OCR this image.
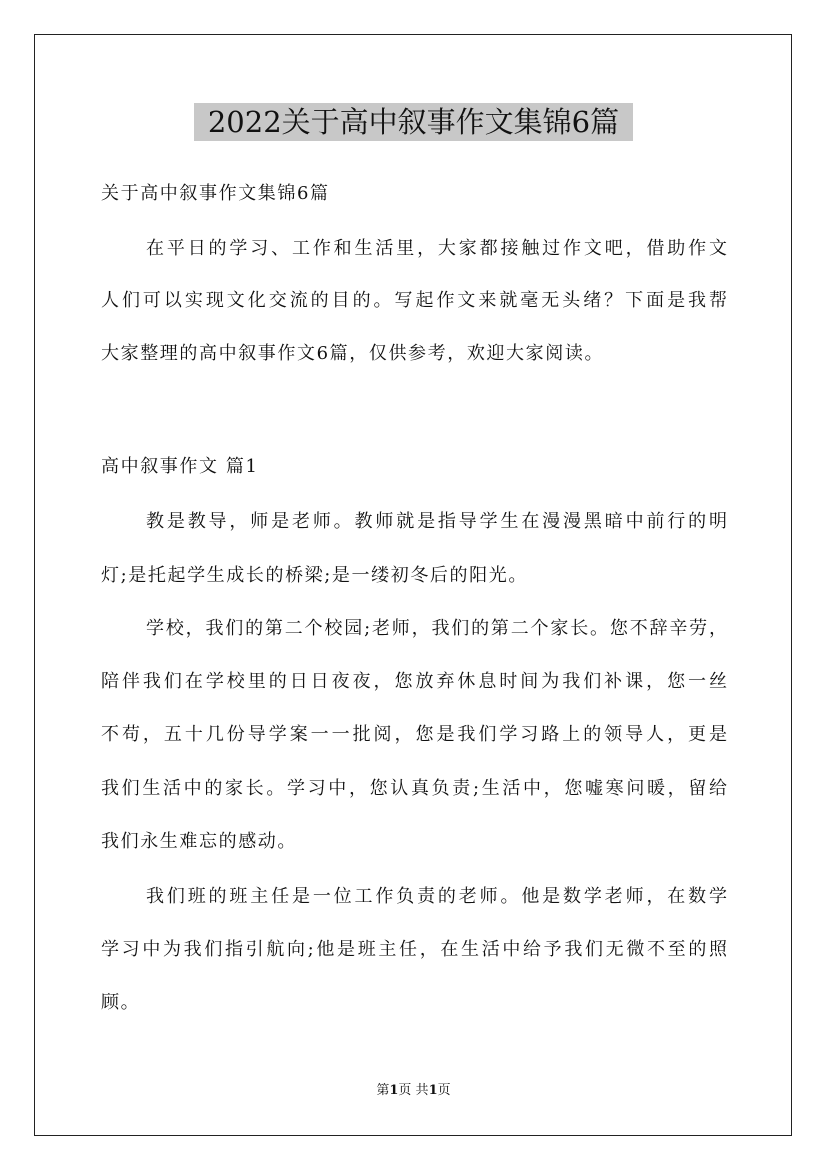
2022关于高中叙事作文集锦6篇
关于高中叙事作文集锦6篇
在平日的学习、工作和生活里，大家都接触过作文吧，借助作文
人们可以实现文化交流的目的。写起作文来就毫无头绪？下面是我帮
大家整理的高中叙事作文6篇，仅供参考，欢迎大家阅读。
高中叙事作文 篇1
教是教导，师是老师。教师就是指导学生在漫漫黑暗中前行的明
灯;是托起学生成长的桥梁;是一缕初冬后的阳光。
学校，我们的第二个校园;老师，我们的第二个家长。您不辞辛劳，
陪伴我们在学校里的日日夜夜，您放弃休息时间为我们补课，您一丝
不苟，五十几份导学案一一批阅，您是我们学习路上的领导人，更是
我们生活中的家长。学习中，您认真负责;生活中，您嘘寒问暖，留给
我们永生难忘的感动。
我们班的班主任是一位工作负责的老师。他是数学老师，在数学
学习中为我们指引航向;他是班主任，在生活中给予我们无微不至的照
顾。
第1页 共1页
